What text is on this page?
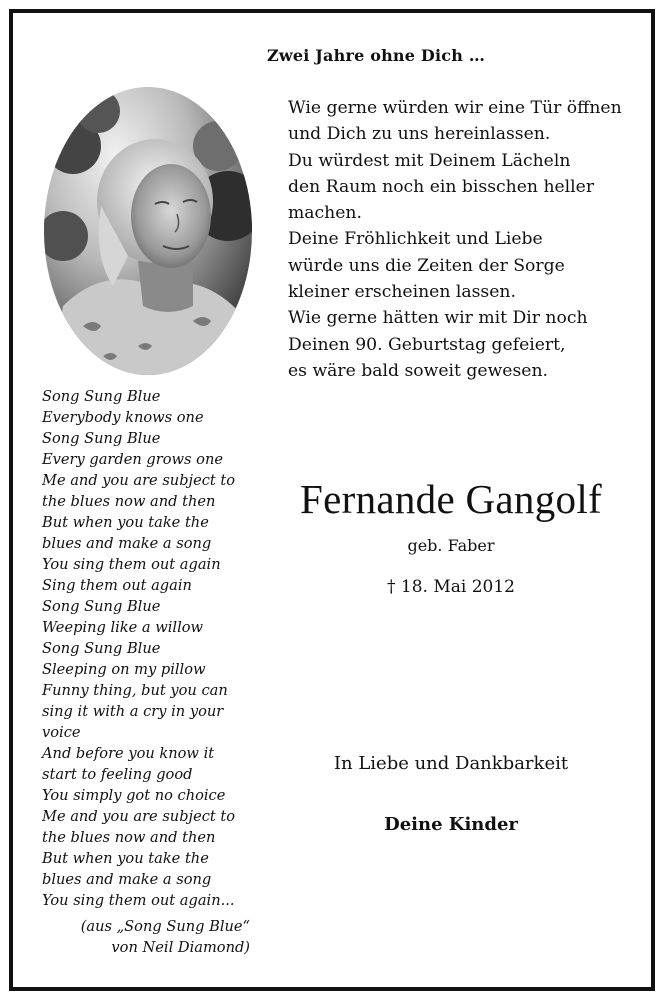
Zwei Jahre ohne Dich …
Wie gerne würden wir eine Tür öffnen
und Dich zu uns hereinlassen.
Du würdest mit Deinem Lächeln
den Raum noch ein bisschen heller
machen.
Deine Fröhlichkeit und Liebe
würde uns die Zeiten der Sorge
kleiner erscheinen lassen.
Wie gerne hätten wir mit Dir noch
Deinen 90. Geburtstag gefeiert,
es wäre bald soweit gewesen.
Song Sung Blue
Everybody knows one
Song Sung Blue
Every garden grows one
Me and you are subject to
the blues now and then
But when you take the
blues and make a song
You sing them out again
Sing them out again
Song Sung Blue
Weeping like a willow
Song Sung Blue
Sleeping on my pillow
Funny thing, but you can
sing it with a cry in your
voice
And before you know it
start to feeling good
You simply got no choice
Me and you are subject to
the blues now and then
But when you take the
blues and make a song
You sing them out again...
(aus „Song Sung Blue“
von Neil Diamond)
Fernande Gangolf
geb. Faber
† 18. Mai 2012
In Liebe und Dankbarkeit
Deine Kinder
